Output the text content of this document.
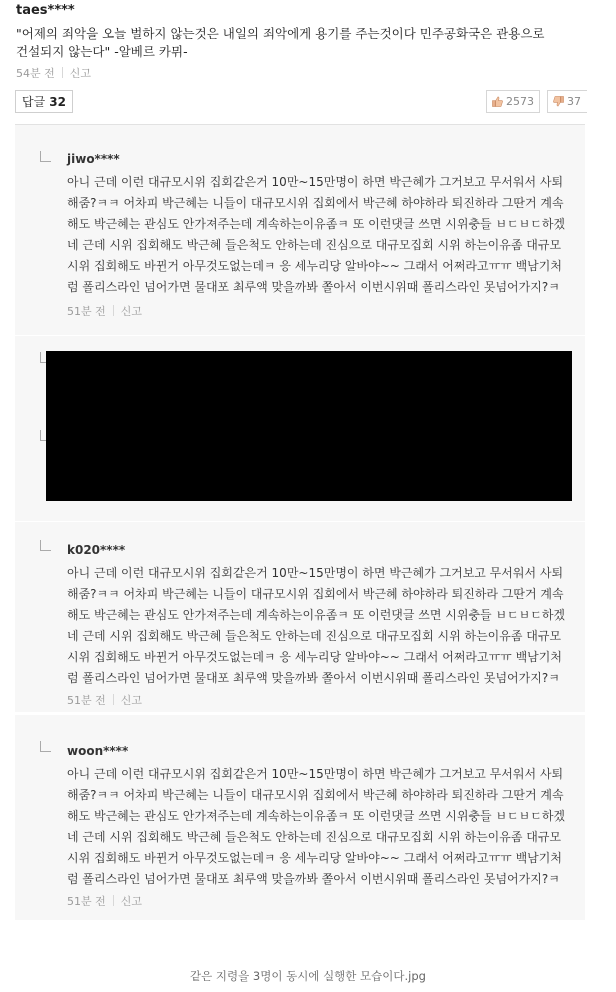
taes****
"어제의 죄악을 오늘 벌하지 않는것은 내일의 죄악에게 용기를 주는것이다 민주공화국은 관용으로 건설되지 않는다" -알베르 카뮈-
54분 전 신고
답글 32	2573	37
jiwo****
아니 근데 이런 대규모시위 집회같은거 10만~15만명이 하면 박근혜가 그거보고 무서워서 사퇴해줌?ㅋㅋ 어차피 박근혜는 니들이 대규모시위 집회에서 박근혜 하야하라 퇴진하라 그딴거 계속해도 박근혜는 관심도 안가져주는데 계속하는이유좀ㅋ 또 이런댓글 쓰면 시위충들 ㅂㄷㅂㄷ하겠네 근데 시위 집회해도 박근혜 들은척도 안하는데 진심으로 대규모집회 시위 하는이유좀 대규모 시위 집회해도 바뀐거 아무것도없는데ㅋ 응 세누리당 알바야~~ 그래서 어쩌라고ㅠㅠ 백남기처럼 폴리스라인 넘어가면 물대포 최루액 맞을까봐 쫄아서 이번시위때 폴리스라인 못넘어가지?ㅋ
51분 전 신고
k020****
아니 근데 이런 대규모시위 집회같은거 10만~15만명이 하면 박근혜가 그거보고 무서워서 사퇴해줌?ㅋㅋ 어차피 박근혜는 니들이 대규모시위 집회에서 박근혜 하야하라 퇴진하라 그딴거 계속해도 박근혜는 관심도 안가져주는데 계속하는이유좀ㅋ 또 이런댓글 쓰면 시위충들 ㅂㄷㅂㄷ하겠네 근데 시위 집회해도 박근혜 들은척도 안하는데 진심으로 대규모집회 시위 하는이유좀 대규모 시위 집회해도 바뀐거 아무것도없는데ㅋ 응 세누리당 알바야~~ 그래서 어쩌라고ㅠㅠ 백남기처럼 폴리스라인 넘어가면 물대포 최루액 맞을까봐 쫄아서 이번시위때 폴리스라인 못넘어가지?ㅋ
51분 전 신고
woon****
아니 근데 이런 대규모시위 집회같은거 10만~15만명이 하면 박근혜가 그거보고 무서워서 사퇴해줌?ㅋㅋ 어차피 박근혜는 니들이 대규모시위 집회에서 박근혜 하야하라 퇴진하라 그딴거 계속해도 박근혜는 관심도 안가져주는데 계속하는이유좀ㅋ 또 이런댓글 쓰면 시위충들 ㅂㄷㅂㄷ하겠네 근데 시위 집회해도 박근혜 들은척도 안하는데 진심으로 대규모집회 시위 하는이유좀 대규모 시위 집회해도 바뀐거 아무것도없는데ㅋ 응 세누리당 알바야~~ 그래서 어쩌라고ㅠㅠ 백남기처럼 폴리스라인 넘어가면 물대포 최루액 맞을까봐 쫄아서 이번시위때 폴리스라인 못넘어가지?ㅋ
51분 전 신고
같은 지령을 3명이 동시에 실행한 모습이다.jpg
